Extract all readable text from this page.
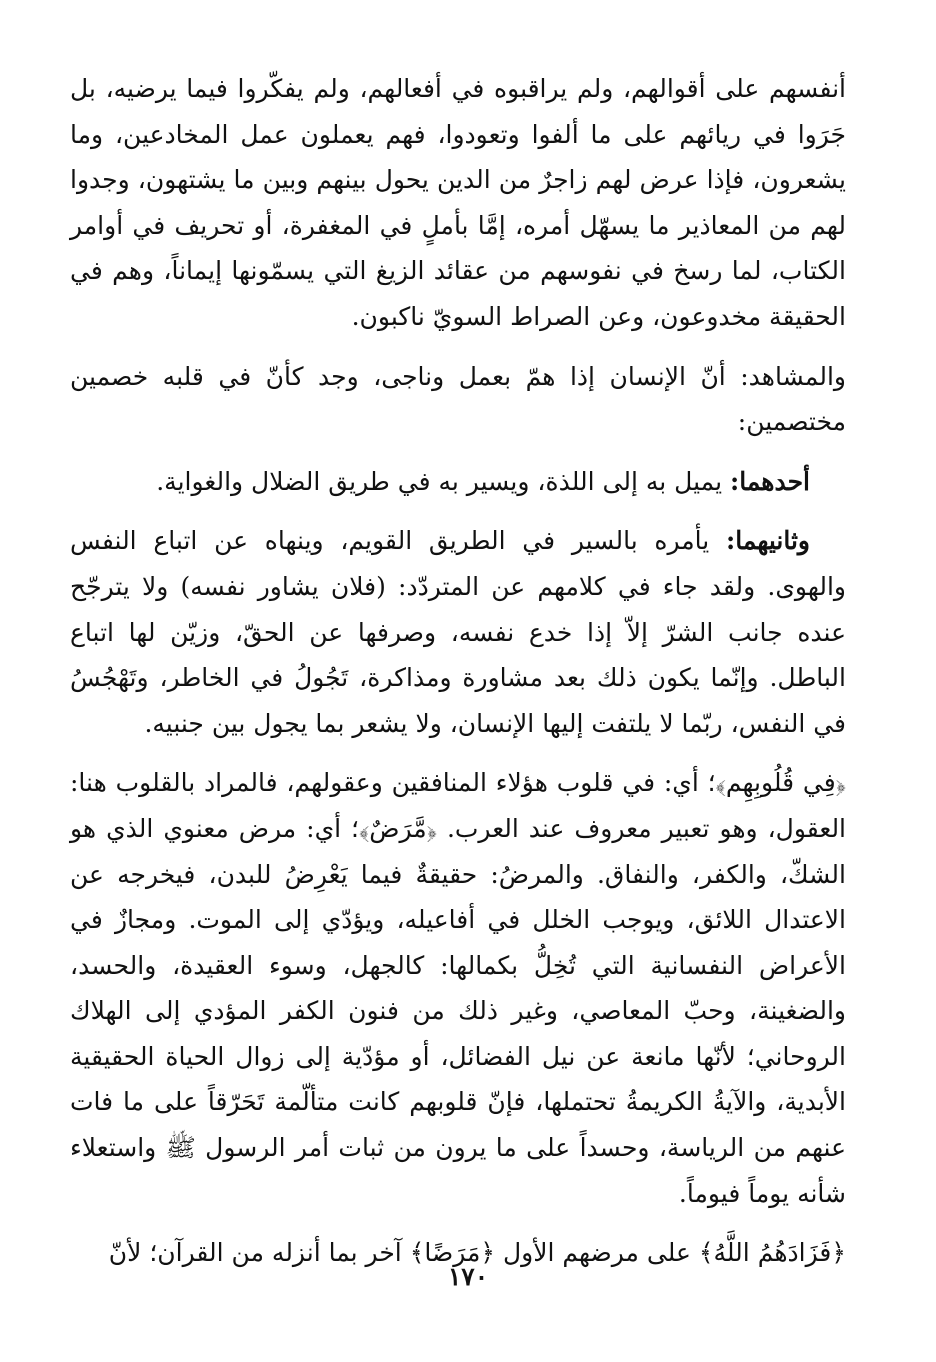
أنفسهم على أقوالهم، ولم يراقبوه في أفعالهم، ولم يفكّروا فيما يرضيه، بل جَرَوا في ريائهم على ما ألفوا وتعودوا، فهم يعملون عمل المخادعين، وما يشعرون، فإذا عرض لهم زاجرٌ من الدين يحول بينهم وبين ما يشتهون، وجدوا لهم من المعاذير ما يسهّل أمره، إمَّا بأملٍ في المغفرة، أو تحريف في أوامر الكتاب، لما رسخ في نفوسهم من عقائد الزيغ التي يسمّونها إيماناً، وهم في الحقيقة مخدوعون، وعن الصراط السويّ ناكبون.

والمشاهد: أنّ الإنسان إذا همّ بعمل وناجى، وجد كأنّ في قلبه خصمين مختصمين:

أحدهما: يميل به إلى اللذة، ويسير به في طريق الضلال والغواية.

وثانيهما: يأمره بالسير في الطريق القويم، وينهاه عن اتباع النفس والهوى. ولقد جاء في كلامهم عن المتردّد: (فلان يشاور نفسه) ولا يترجّح عنده جانب الشرّ إلاّ إذا خدع نفسه، وصرفها عن الحقّ، وزيّن لها اتباع الباطل. وإنّما يكون ذلك بعد مشاورة ومذاكرة، تَجُولُ في الخاطر، وتَهْجُسُ في النفس، ربّما لا يلتفت إليها الإنسان، ولا يشعر بما يجول بين جنبيه.

﴿فِي قُلُوبِهِم﴾؛ أي: في قلوب هؤلاء المنافقين وعقولهم، فالمراد بالقلوب هنا: العقول، وهو تعبير معروف عند العرب. ﴿مَّرَضٌ﴾؛ أي: مرض معنوي الذي هو الشكّ، والكفر، والنفاق. والمرضُ: حقيقةٌ فيما يَعْرِضُ للبدن، فيخرجه عن الاعتدال اللائق، ويوجب الخلل في أفاعيله، ويؤدّي إلى الموت. ومجازٌ في الأعراض النفسانية التي تُخِلُّ بكمالها: كالجهل، وسوء العقيدة، والحسد، والضغينة، وحبّ المعاصي، وغير ذلك من فنون الكفر المؤدي إلى الهلاك الروحاني؛ لأنّها مانعة عن نيل الفضائل، أو مؤدّية إلى زوال الحياة الحقيقية الأبدية، والآيةُ الكريمةُ تحتملها، فإنّ قلوبهم كانت متألّمة تَحَرّقاً على ما فات عنهم من الرياسة، وحسداً على ما يرون من ثبات أمر الرسول ﷺ واستعلاء شأنه يوماً فيوماً.

﴿فَزَادَهُمُ اللَّهُ﴾ على مرضهم الأول ﴿مَرَضًا﴾ آخر بما أنزله من القرآن؛ لأنّ

١٧٠
